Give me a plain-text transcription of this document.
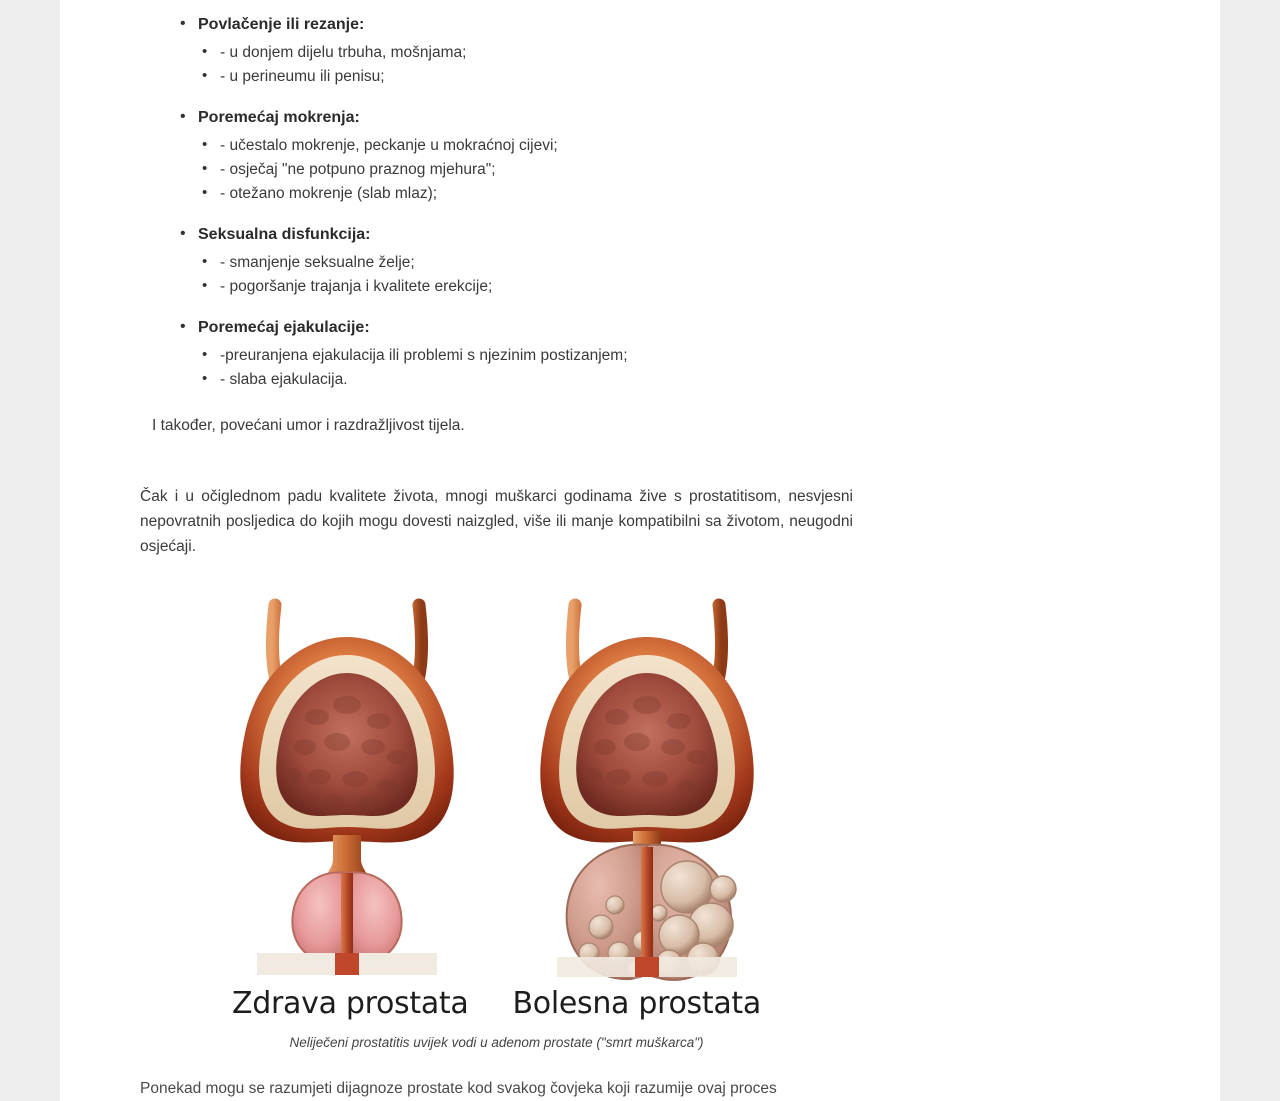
• Povlačenje ili rezanje:
• - u donjem dijelu trbuha, mošnjama;
• - u perineumu ili penisu;
• Poremećaj mokrenja:
• - učestalo mokrenje, peckanje u mokraćnoj cijevi;
• - osječaj "ne potpuno praznog mjehura";
• - otežano mokrenje (slab mlaz);
• Seksualna disfunkcija:
• - smanjenje seksualne želje;
• - pogoršanje trajanja i kvalitete erekcije;
• Poremećaj ejakulacije:
• -preuranjena ejakulacija ili problemi s njezinim postizanjem;
• - slaba ejakulacija.
I također, povećani umor i razdražljivost tijela.

Čak i u očiglednom padu kvalitete života, mnogi muškarci godinama žive s prostatitisom, nesvjesni nepovratnih posljedica do kojih mogu dovesti naizgled, više ili manje kompatibilni sa životom, neugodni osjećaji.

Zdrava prostata Bolesna prostata
Neliječeni prostatitis uvijek vodi u adenom prostate ("smrt muškarca")

Ponekad mogu se razumjeti dijagnoze prostate kod svakog čovjeka koji razumije ovaj proces
